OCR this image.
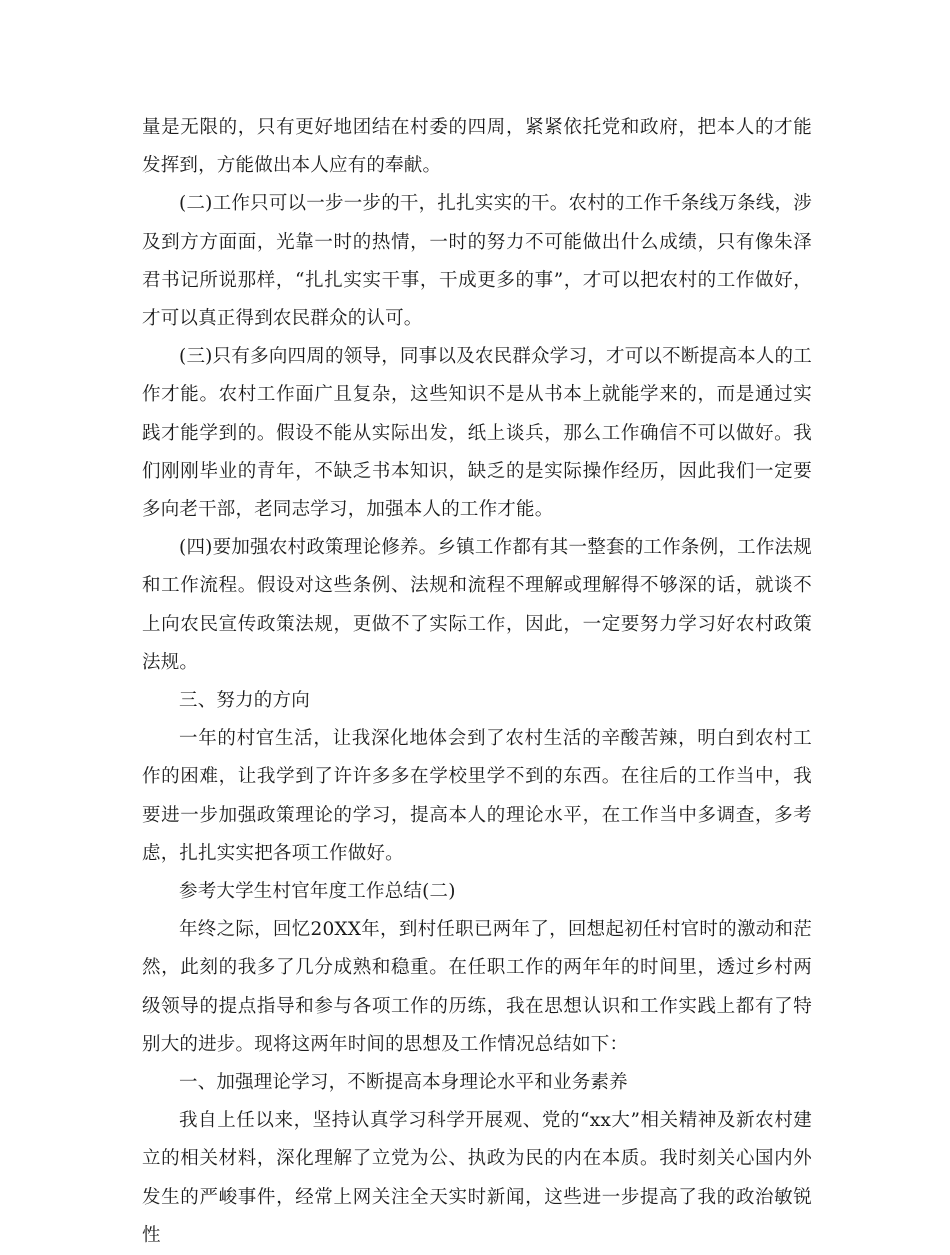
量是无限的，只有更好地团结在村委的四周，紧紧依托党和政府，把本人的才能发挥到，方能做出本人应有的奉献。

(二)工作只可以一步一步的干，扎扎实实的干。农村的工作千条线万条线，涉及到方方面面，光靠一时的热情，一时的努力不可能做出什么成绩，只有像朱泽君书记所说那样，“扎扎实实干事，干成更多的事”，才可以把农村的工作做好，才可以真正得到农民群众的认可。

(三)只有多向四周的领导，同事以及农民群众学习，才可以不断提高本人的工作才能。农村工作面广且复杂，这些知识不是从书本上就能学来的，而是通过实践才能学到的。假设不能从实际出发，纸上谈兵，那么工作确信不可以做好。我们刚刚毕业的青年，不缺乏书本知识，缺乏的是实际操作经历，因此我们一定要多向老干部，老同志学习，加强本人的工作才能。

(四)要加强农村政策理论修养。乡镇工作都有其一整套的工作条例，工作法规和工作流程。假设对这些条例、法规和流程不理解或理解得不够深的话，就谈不上向农民宣传政策法规，更做不了实际工作，因此，一定要努力学习好农村政策法规。

三、努力的方向

一年的村官生活，让我深化地体会到了农村生活的辛酸苦辣，明白到农村工作的困难，让我学到了许许多多在学校里学不到的东西。在往后的工作当中，我要进一步加强政策理论的学习，提高本人的理论水平，在工作当中多调查，多考虑，扎扎实实把各项工作做好。

参考大学生村官年度工作总结(二)

年终之际，回忆20XX年，到村任职已两年了，回想起初任村官时的激动和茫然，此刻的我多了几分成熟和稳重。在任职工作的两年年的时间里，透过乡村两级领导的提点指导和参与各项工作的历练，我在思想认识和工作实践上都有了特别大的进步。现将这两年时间的思想及工作情况总结如下：

一、加强理论学习，不断提高本身理论水平和业务素养

我自上任以来，坚持认真学习科学开展观、党的“xx大”相关精神及新农村建立的相关材料，深化理解了立党为公、执政为民的内在本质。我时刻关心国内外发生的严峻事件，经常上网关注全天实时新闻，这些进一步提高了我的政治敏锐性
